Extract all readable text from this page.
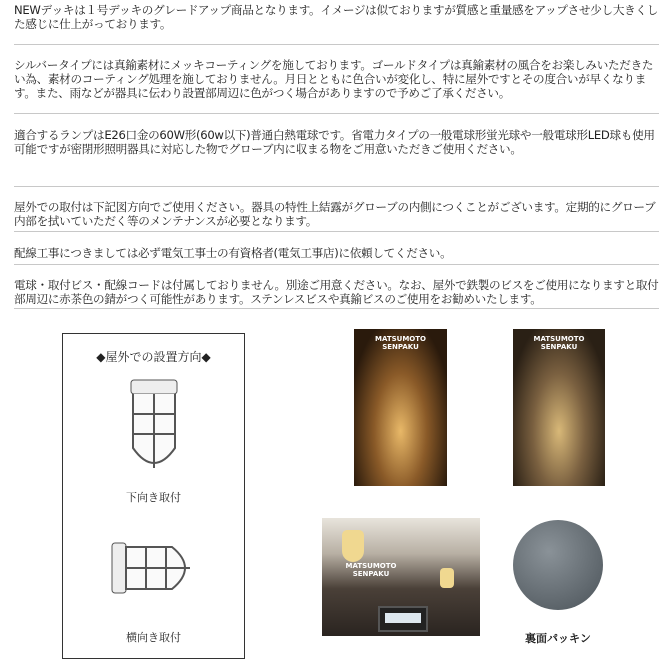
NEWデッキは１号デッキのグレードアップ商品となります。イメージは似ておりますが質感と重量感をアップさせ少し大きくした感じに仕上がっております。
シルバータイプには真鍮素材にメッキコーティングを施しております。ゴールドタイプは真鍮素材の風合をお楽しみいただきたい為、素材のコーティング処理を施しておりません。月日とともに色合いが変化し、特に屋外ですとその度合いが早くなります。また、雨などが器具に伝わり設置部周辺に色がつく場合がありますので予めご了承ください。
適合するランプはE26口金の60W形(60w以下)普通白熱電球です。省電力タイプの一般電球形蛍光球や一般電球形LED球も使用可能ですが密閉形照明器具に対応した物でグローブ内に収まる物をご用意いただきご使用ください。
屋外での取付は下記図方向でご使用ください。器具の特性上結露がグローブの内側につくことがございます。定期的にグローブ内部を拭いていただく等のメンテナンスが必要となります。
配線工事につきましては必ず電気工事士の有資格者(電気工事店)に依頼してください。
電球・取付ビス・配線コードは付属しておりません。別途ご用意ください。なお、屋外で鉄製のビスをご使用になりますと取付部周辺に赤茶色の錆がつく可能性があります。ステンレスビスや真鍮ビスのご使用をお勧めいたします。
◆屋外での設置方向◆
下向き取付
横向き取付
MATSUMOTO
SENPAKU
MATSUMOTO
SENPAKU
MATSUMOTO
SENPAKU
裏面パッキン
